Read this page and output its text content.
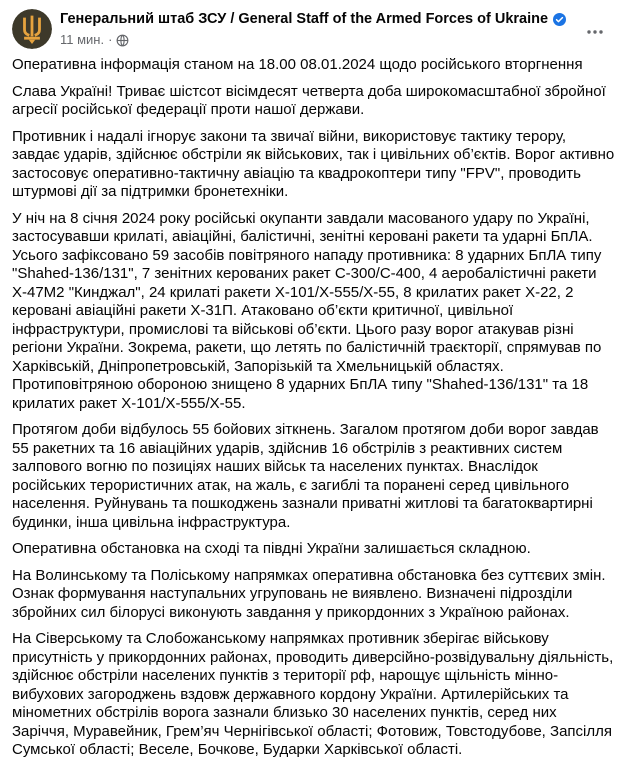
Генеральний штаб ЗСУ / General Staff of the Armed Forces of Ukraine
11 мин. ·

Оперативна інформація станом на 18.00 08.01.2024 щодо російського вторгнення

Слава Україні! Триває шістсот вісімдесят четверта доба широкомасштабної збройної агресії російської федерації проти нашої держави.

Противник і надалі ігнорує закони та звичаї війни, використовує тактику терору, завдає ударів, здійснює обстріли як військових, так і цивільних об’єктів. Ворог активно застосовує оперативно-тактичну авіацію та квадрокоптери типу "FPV", проводить штурмові дії за підтримки бронетехніки.

У ніч на 8 січня 2024 року російські окупанти завдали масованого удару по Україні, застосувавши крилаті, авіаційні, балістичні, зенітні керовані ракети та ударні БпЛА. Усього зафіксовано 59 засобів повітряного нападу противника: 8 ударних БпЛА типу "Shahed-136/131", 7 зенітних керованих ракет С-300/С-400, 4 аеробалістичні ракети Х-47М2 "Кинджал", 24 крилаті ракети Х-101/Х-555/Х-55, 8 крилатих ракет Х-22, 2 керовані авіаційні ракети Х-31П. Атаковано об’єкти критичної, цивільної інфраструктури, промислові та військові об’єкти. Цього разу ворог атакував різні регіони України. Зокрема, ракети, що летять по балістичній траєкторії, спрямував по Харківській, Дніпропетровській, Запорізькій та Хмельницькій областях. Протиповітряною обороною знищено 8 ударних БпЛА типу "Shahed-136/131" та 18 крилатих ракет Х-101/Х-555/Х-55.

Протягом доби відбулось 55 бойових зіткнень. Загалом протягом доби ворог завдав 55 ракетних та 16 авіаційних ударів, здійснив 16 обстрілів з реактивних систем залпового вогню по позиціях наших військ та населених пунктах. Внаслідок російських терористичних атак, на жаль, є загиблі та поранені серед цивільного населення. Руйнувань та пошкоджень зазнали приватні житлові та багатоквартирні будинки, інша цивільна інфраструктура.

Оперативна обстановка на сході та півдні України залишається складною.

На Волинському та Поліському напрямках оперативна обстановка без суттєвих змін. Ознак формування наступальних угруповань не виявлено. Визначені підрозділи збройних сил білорусі виконують завдання у прикордонних з Україною районах.

На Сіверському та Слобожанському напрямках противник зберігає військову присутність у прикордонних районах, проводить диверсійно-розвідувальну діяльність, здійснює обстріли населених пунктів з території рф, нарощує щільність мінно-вибухових загороджень вздовж державного кордону України. Артилерійських та мінометних обстрілів ворога зазнали близько 30 населених пунктів, серед них Заріччя, Муравейник, Грем’яч Чернігівської області; Фотовиж, Товстодубове, Запсілля Сумської області; Веселе, Бочкове, Бударки Харківської області.
